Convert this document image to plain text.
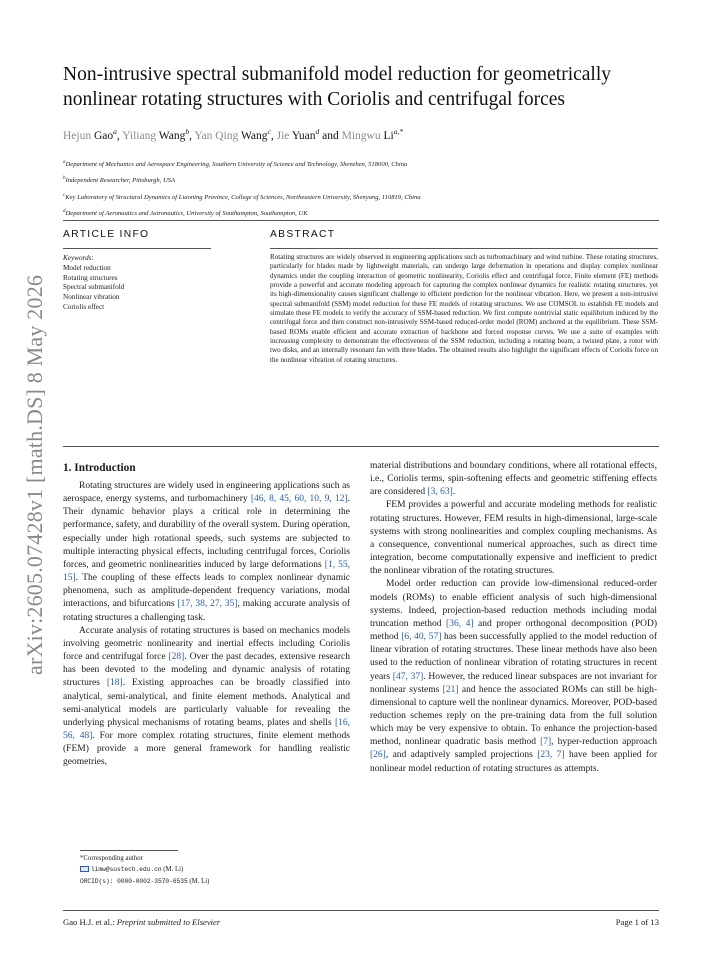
arXiv:2605.07428v1 [math.DS] 8 May 2026
Non-intrusive spectral submanifold model reduction for geometrically nonlinear rotating structures with Coriolis and centrifugal forces
Hejun Gao$^a$, Yiliang Wang$^b$, Yan Qing Wang$^c$, Jie Yuan$^d$ and Mingwu $Li^{a,*}$
$^a$Department of Mechanics and Aerospace Engineering, Southern University of Science and Technology, Shenzhen, 518000, China
$^b$Independent Researcher, Pittsburgh, USA
$^c$Key Laboratory of Structural Dynamics of Liaoning Province, College of Sciences, Northeastern University, Shenyang, 110819, China
$^d$Department of Aeronautics and Astronautics, University of Southampton, Southampton, UK
ARTICLE INFO	ABSTRACT
Keywords:
Model reduction
Rotating structures
Spectral submanifold
Nonlinear vibration
Coriolis effect
Rotating structures are widely observed in engineering applications such as turbomachinary and wind turbine. These rotating structures, particularly for blades made by lightweight materials, can undergo large deformation in operations and display complex nonlinear dynamics under the coupling interaction of geometric nonlinearity, Coriolis effect and centrifugal force. Finite element (FE) methods provide a powerful and accurate modeling approach for capturing the complex nonlinear dynamics for realistic rotating structures, yet its high-dimensionality causes significant challenge to efficient prediction for the nonlinear vibration. Here, we present a non-intrusive spectral submanifold (SSM) model reduction for these FE models of rotating structures. We use COMSOL to establish FE models and simulate these FE models to verify the accuracy of SSM-based reduction. We first compute nontrivial static equilibrium induced by the centrifugal force and then construct non-intrusively SSM-based reduced-order model (ROM) anchored at the equilibrium. These SSM-based ROMs enable efficient and accurate extraction of backbone and forced response curves. We use a suite of examples with increasing complexity to demonstrate the effectiveness of the SSM reduction, including a rotating beam, a twisted plate, a rotor with two disks, and an internally resonant fan with three blades. The obtained results also highlight the significant effects of Coriolis force on the nonlinear vibration of rotating structures.

1. Introduction

Rotating structures are widely used in engineering applications such as aerospace, energy systems, and turbomachinery [46, 8, 45, 60, 10, 9, 12]. Their dynamic behavior plays a critical role in determining the performance, safety, and durability of the overall system. During operation, especially under high rotational speeds, such systems are subjected to multiple interacting physical effects, including centrifugal forces, Coriolis forces, and geometric nonlinearities induced by large deformations [1, 55, 15]. The coupling of these effects leads to complex nonlinear dynamic phenomena, such as amplitude-dependent frequency variations, modal interactions, and bifurcations [17, 38, 27, 35], making accurate analysis of rotating structures a challenging task.

Accurate analysis of rotating structures is based on mechanics models involving geometric nonlinearity and inertial effects including Coriolis force and centrifugal force [28]. Over the past decades, extensive research has been devoted to the modeling and dynamic analysis of rotating structures [18]. Existing approaches can be broadly classified into analytical, semi-analytical, and finite element methods. Analytical and semi-analytical models are particularly valuable for revealing the underlying physical mechanisms of rotating beams, plates and shells [16, 56, 48]. For more complex rotating structures, finite element methods (FEM) provide a more general framework for handling realistic geometries,

material distributions and boundary conditions, where all rotational effects, i.e., Coriolis terms, spin-softening effects and geometric stiffening effects are considered [3, 63].

FEM provides a powerful and accurate modeling methods for realistic rotating structures. However, FEM results in high-dimensional, large-scale systems with strong nonlinearities and complex coupling mechanisms. As a consequence, conventional numerical approaches, such as direct time integration, become computationally expensive and inefficient to predict the nonlinear vibration of the rotating structures.

Model order reduction can provide low-dimensional reduced-order models (ROMs) to enable efficient analysis of such high-dimensional systems. Indeed, projection-based reduction methods including modal truncation method [36, 4] and proper orthogonal decomposition (POD) method [6, 40, 57] has been successfully applied to the model reduction of linear vibration of rotating structures. These linear methods have also been used to the reduction of nonlinear vibration of rotating structures in recent years [47, 37]. However, the reduced linear subspaces are not invariant for nonlinear systems [21] and hence the associated ROMs can still be high-dimensional to capture well the nonlinear dynamics. Moreover, POD-based reduction schemes reply on the pre-training data from the full solution which may be very expensive to obtain. To enhance the projection-based method, nonlinear quadratic basis method [7], hyper-reduction approach [26], and adaptively sampled projections [23, 7] have been applied for nonlinear model reduction of rotating structures as attempts.

*Corresponding author
limw@sustech.edu.cn (M. Li)
ORCID(s): 0000-0002-3570-6535 (M. Li)
Gao H.J. et al.: Preprint submitted to Elsevier	Page 1 of 13
